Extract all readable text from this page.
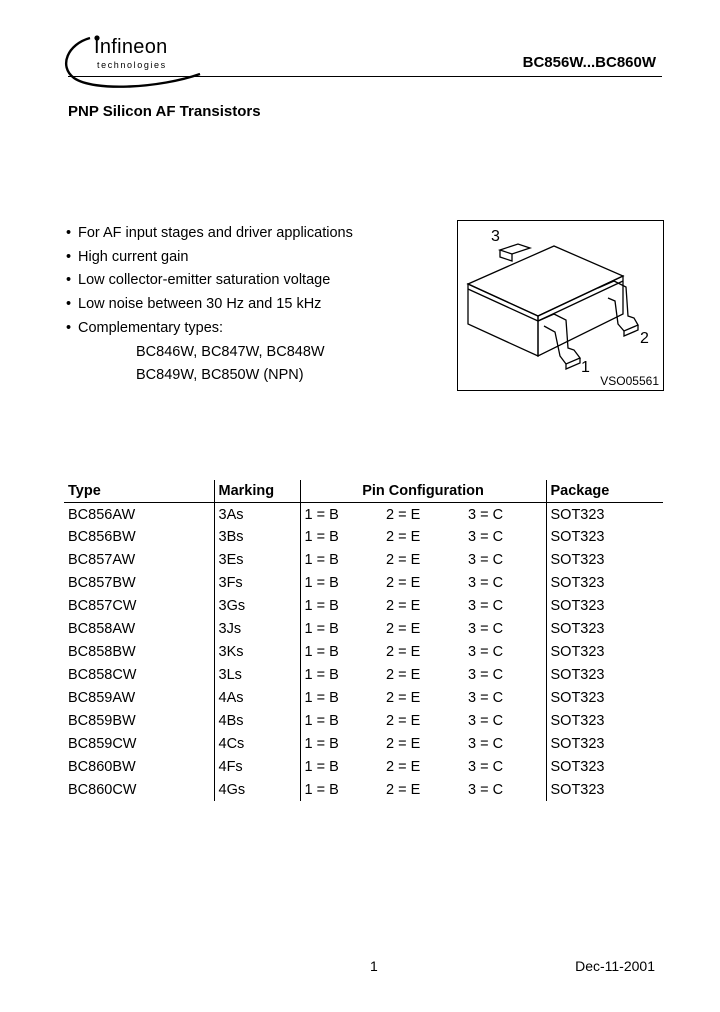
Infineon
technologies	BC856W...BC860W
PNP Silicon AF Transistors
• For AF input stages and driver applications
• High current gain
• Low collector-emitter saturation voltage
• Low noise between 30 Hz and 15 kHz
• Complementary types:
BC846W, BC847W, BC848W
BC849W, BC850W (NPN)
3
2
1
VSO05561
Type	Marking	Pin Configuration			Package
BC856AW	3As	1 = B	2 = E	3 = C	SOT323
BC856BW	3Bs	1 = B	2 = E	3 = C	SOT323
BC857AW	3Es	1 = B	2 = E	3 = C	SOT323
BC857BW	3Fs	1 = B	2 = E	3 = C	SOT323
BC857CW	3Gs	1 = B	2 = E	3 = C	SOT323
BC858AW	3Js	1 = B	2 = E	3 = C	SOT323
BC858BW	3Ks	1 = B	2 = E	3 = C	SOT323
BC858CW	3Ls	1 = B	2 = E	3 = C	SOT323
BC859AW	4As	1 = B	2 = E	3 = C	SOT323
BC859BW	4Bs	1 = B	2 = E	3 = C	SOT323
BC859CW	4Cs	1 = B	2 = E	3 = C	SOT323
BC860BW	4Fs	1 = B	2 = E	3 = C	SOT323
BC860CW	4Gs	1 = B	2 = E	3 = C	SOT323
1	Dec-11-2001
